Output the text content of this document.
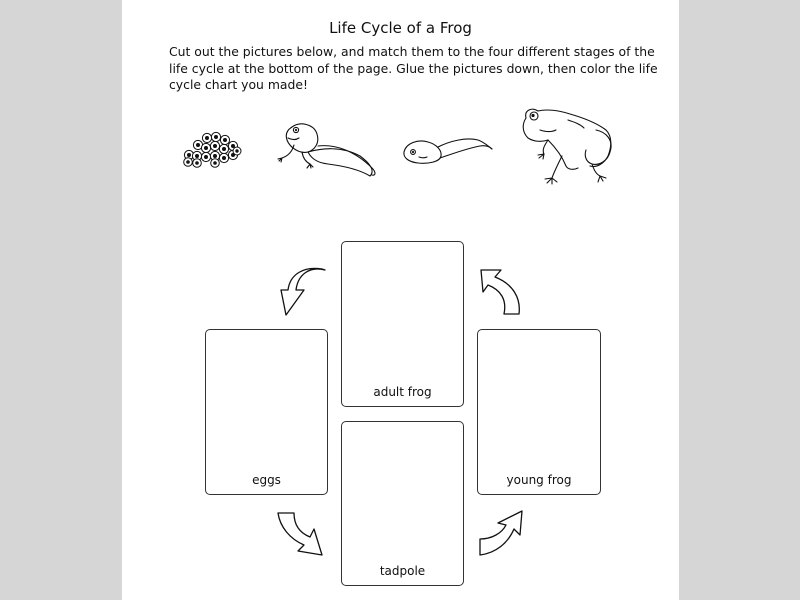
Life Cycle of a Frog
Cut out the pictures below, and match them to the four different stages of the life cycle at the bottom of the page. Glue the pictures down, then color the life cycle chart you made!
adult frog
eggs	young frog
tadpole
